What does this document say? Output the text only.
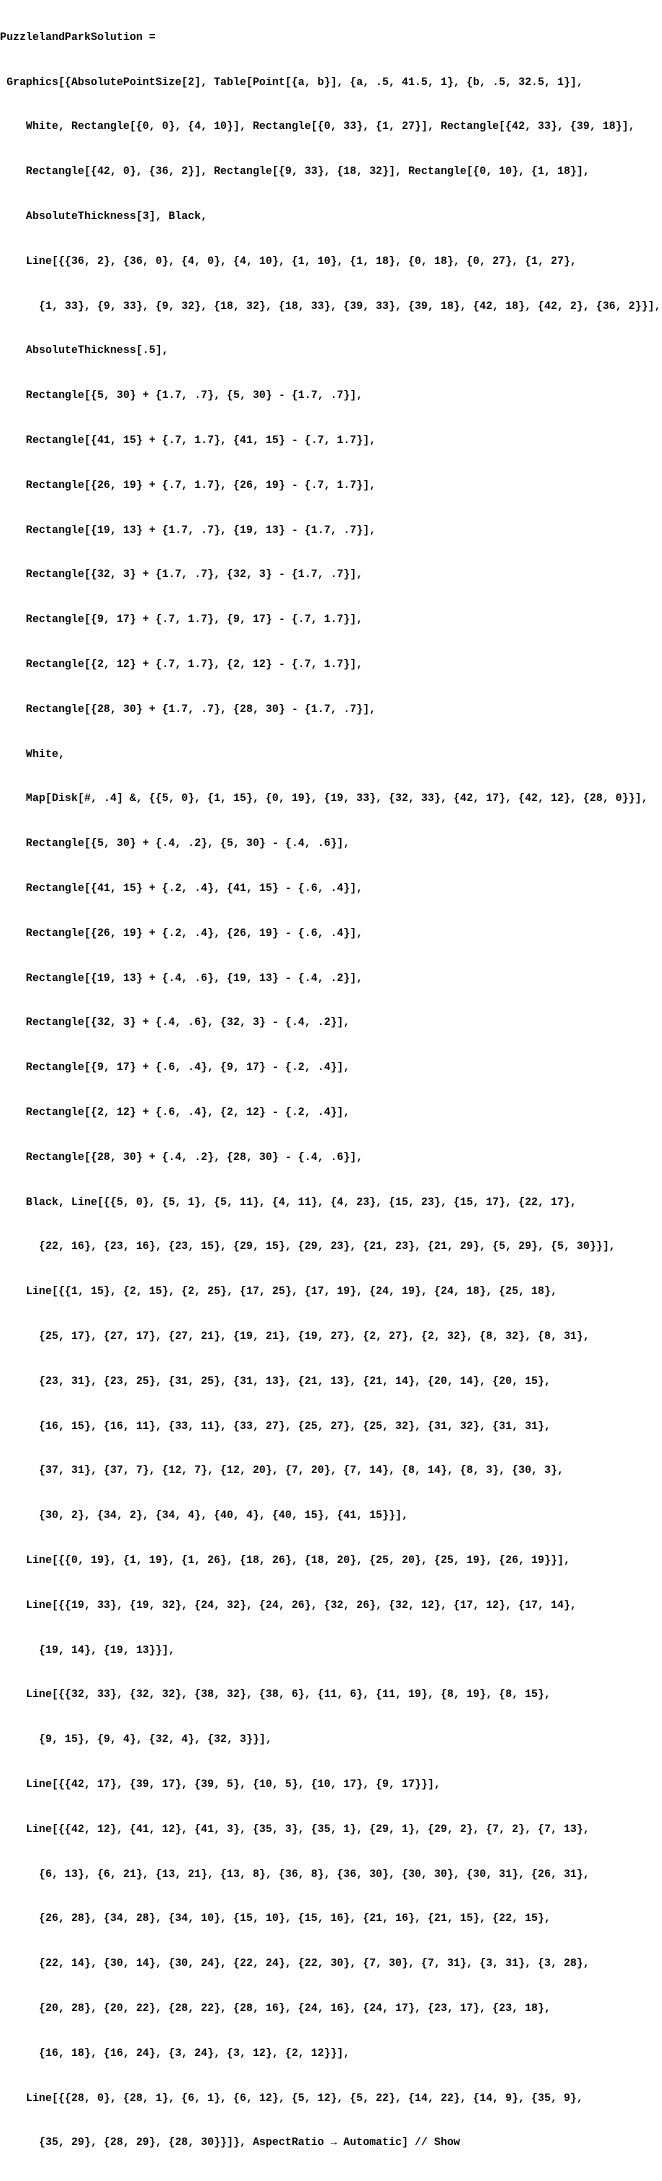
PuzzlelandParkSolution =

Graphics[{AbsolutePointSize[2], Table[Point[{a, b}], {a, .5, 41.5, 1}, {b, .5, 32.5, 1}],

White, Rectangle[{0, 0}, {4, 10}], Rectangle[{0, 33}, {1, 27}], Rectangle[{42, 33}, {39, 18}],

Rectangle[{42, 0}, {36, 2}], Rectangle[{9, 33}, {18, 32}], Rectangle[{0, 10}, {1, 18}],

AbsoluteThickness[3], Black,

Line[{{36, 2}, {36, 0}, {4, 0}, {4, 10}, {1, 10}, {1, 18}, {0, 18}, {0, 27}, {1, 27},

{1, 33}, {9, 33}, {9, 32}, {18, 32}, {18, 33}, {39, 33}, {39, 18}, {42, 18}, {42, 2}, {36, 2}}],

AbsoluteThickness[.5],

Rectangle[{5, 30} + {1.7, .7}, {5, 30} - {1.7, .7}],

Rectangle[{41, 15} + {.7, 1.7}, {41, 15} - {.7, 1.7}],

Rectangle[{26, 19} + {.7, 1.7}, {26, 19} - {.7, 1.7}],

Rectangle[{19, 13} + {1.7, .7}, {19, 13} - {1.7, .7}],

Rectangle[{32, 3} + {1.7, .7}, {32, 3} - {1.7, .7}],

Rectangle[{9, 17} + {.7, 1.7}, {9, 17} - {.7, 1.7}],

Rectangle[{2, 12} + {.7, 1.7}, {2, 12} - {.7, 1.7}],

Rectangle[{28, 30} + {1.7, .7}, {28, 30} - {1.7, .7}],

White,

Map[Disk[#, .4] &, {{5, 0}, {1, 15}, {0, 19}, {19, 33}, {32, 33}, {42, 17}, {42, 12}, {28, 0}}],

Rectangle[{5, 30} + {.4, .2}, {5, 30} - {.4, .6}],

Rectangle[{41, 15} + {.2, .4}, {41, 15} - {.6, .4}],

Rectangle[{26, 19} + {.2, .4}, {26, 19} - {.6, .4}],

Rectangle[{19, 13} + {.4, .6}, {19, 13} - {.4, .2}],

Rectangle[{32, 3} + {.4, .6}, {32, 3} - {.4, .2}],

Rectangle[{9, 17} + {.6, .4}, {9, 17} - {.2, .4}],

Rectangle[{2, 12} + {.6, .4}, {2, 12} - {.2, .4}],

Rectangle[{28, 30} + {.4, .2}, {28, 30} - {.4, .6}],

Black, Line[{{5, 0}, {5, 1}, {5, 11}, {4, 11}, {4, 23}, {15, 23}, {15, 17}, {22, 17},

{22, 16}, {23, 16}, {23, 15}, {29, 15}, {29, 23}, {21, 23}, {21, 29}, {5, 29}, {5, 30}}],

Line[{{1, 15}, {2, 15}, {2, 25}, {17, 25}, {17, 19}, {24, 19}, {24, 18}, {25, 18},

{25, 17}, {27, 17}, {27, 21}, {19, 21}, {19, 27}, {2, 27}, {2, 32}, {8, 32}, {8, 31},

{23, 31}, {23, 25}, {31, 25}, {31, 13}, {21, 13}, {21, 14}, {20, 14}, {20, 15},

{16, 15}, {16, 11}, {33, 11}, {33, 27}, {25, 27}, {25, 32}, {31, 32}, {31, 31},

{37, 31}, {37, 7}, {12, 7}, {12, 20}, {7, 20}, {7, 14}, {8, 14}, {8, 3}, {30, 3},

{30, 2}, {34, 2}, {34, 4}, {40, 4}, {40, 15}, {41, 15}}],

Line[{{0, 19}, {1, 19}, {1, 26}, {18, 26}, {18, 20}, {25, 20}, {25, 19}, {26, 19}}],

Line[{{19, 33}, {19, 32}, {24, 32}, {24, 26}, {32, 26}, {32, 12}, {17, 12}, {17, 14},

{19, 14}, {19, 13}}],

Line[{{32, 33}, {32, 32}, {38, 32}, {38, 6}, {11, 6}, {11, 19}, {8, 19}, {8, 15},

{9, 15}, {9, 4}, {32, 4}, {32, 3}}],

Line[{{42, 17}, {39, 17}, {39, 5}, {10, 5}, {10, 17}, {9, 17}}],

Line[{{42, 12}, {41, 12}, {41, 3}, {35, 3}, {35, 1}, {29, 1}, {29, 2}, {7, 2}, {7, 13},

{6, 13}, {6, 21}, {13, 21}, {13, 8}, {36, 8}, {36, 30}, {30, 30}, {30, 31}, {26, 31},

{26, 28}, {34, 28}, {34, 10}, {15, 10}, {15, 16}, {21, 16}, {21, 15}, {22, 15},

{22, 14}, {30, 14}, {30, 24}, {22, 24}, {22, 30}, {7, 30}, {7, 31}, {3, 31}, {3, 28},

{20, 28}, {20, 22}, {28, 22}, {28, 16}, {24, 16}, {24, 17}, {23, 17}, {23, 18},

{16, 18}, {16, 24}, {3, 24}, {3, 12}, {2, 12}}],

Line[{{28, 0}, {28, 1}, {6, 1}, {6, 12}, {5, 12}, {5, 22}, {14, 22}, {14, 9}, {35, 9},

{35, 29}, {28, 29}, {28, 30}}]}, AspectRatio → Automatic] // Show
